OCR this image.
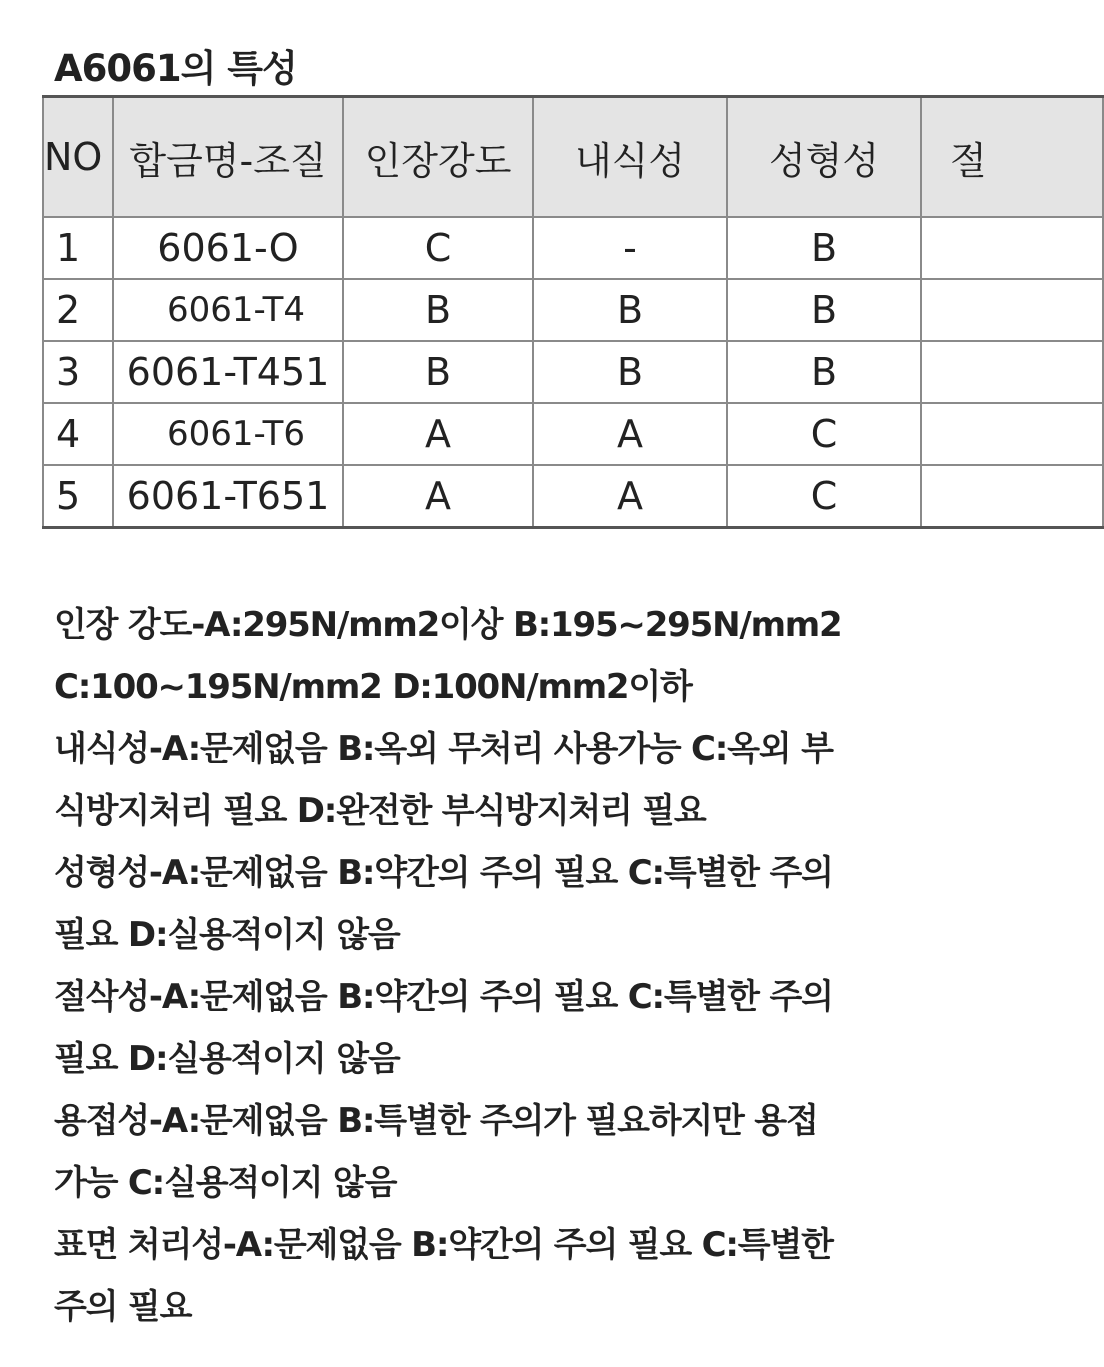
A6061의 특성
NO	합금명-조질	인장강도	내식성	성형성	절
1	6061-O	C	-	B	
2	6061-T4	B	B	B	
3	6061-T451	B	B	B	
4	6061-T6	A	A	C	
5	6061-T651	A	A	C	

인장 강도-A:295N/mm2이상 B:195~295N/mm2

C:100~195N/mm2 D:100N/mm2이하

내식성-A:문제없음 B:옥외 무처리 사용가능 C:옥외 부

식방지처리 필요 D:완전한 부식방지처리 필요

성형성-A:문제없음 B:약간의 주의 필요 C:특별한 주의

필요 D:실용적이지 않음

절삭성-A:문제없음 B:약간의 주의 필요 C:특별한 주의

필요 D:실용적이지 않음

용접성-A:문제없음 B:특별한 주의가 필요하지만 용접

가능 C:실용적이지 않음

표면 처리성-A:문제없음 B:약간의 주의 필요 C:특별한

주의 필요
